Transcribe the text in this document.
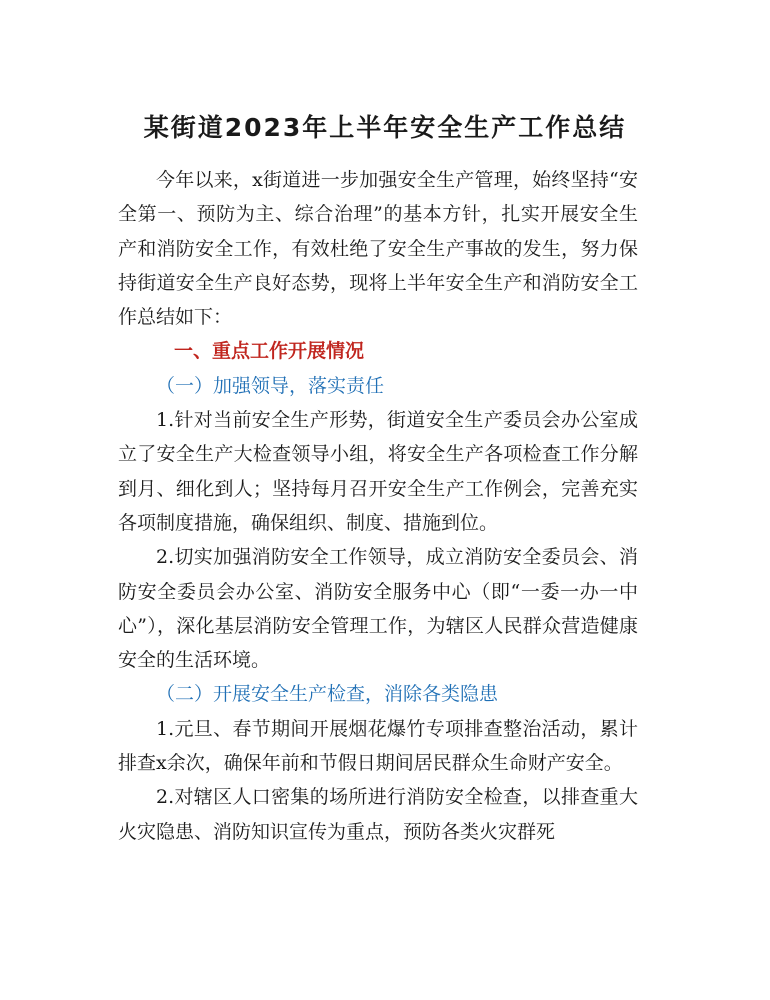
某街道2023年上半年安全生产工作总结

今年以来，x街道进一步加强安全生产管理，始终坚持“安全第一、预防为主、综合治理”的基本方针，扎实开展安全生产和消防安全工作，有效杜绝了安全生产事故的发生，努力保持街道安全生产良好态势，现将上半年安全生产和消防安全工作总结如下：

一、重点工作开展情况

（一）加强领导，落实责任

1.针对当前安全生产形势，街道安全生产委员会办公室成立了安全生产大检查领导小组，将安全生产各项检查工作分解到月、细化到人；坚持每月召开安全生产工作例会，完善充实各项制度措施，确保组织、制度、措施到位。

2.切实加强消防安全工作领导，成立消防安全委员会、消防安全委员会办公室、消防安全服务中心（即“一委一办一中心”），深化基层消防安全管理工作，为辖区人民群众营造健康安全的生活环境。

（二）开展安全生产检查，消除各类隐患

1.元旦、春节期间开展烟花爆竹专项排查整治活动，累计排查x余次，确保年前和节假日期间居民群众生命财产安全。

2.对辖区人口密集的场所进行消防安全检查，以排查重大火灾隐患、消防知识宣传为重点，预防各类火灾群死
